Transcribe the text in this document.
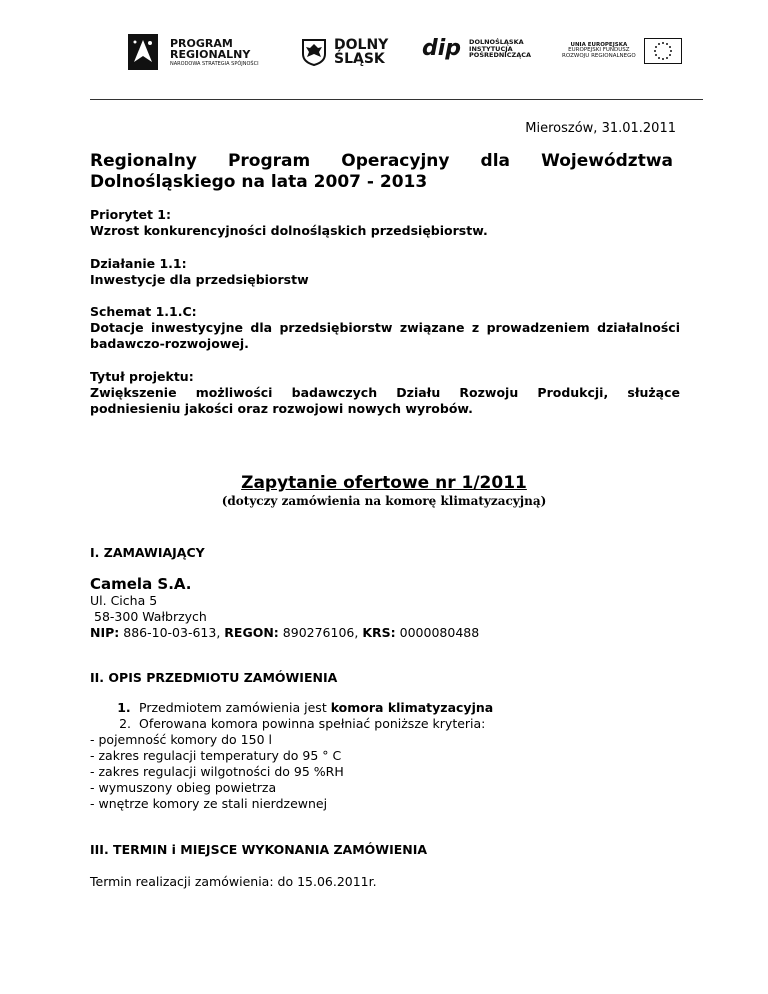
PROGRAM
REGIONALNY
NARODOWA STRATEGIA SPÓJNOŚCI
DOLNY
ŚLĄSK dip DOLNOŚLĄSKA
INSTYTUCJA
POŚREDNICZĄCA
UNIA EUROPEJSKA
EUROPEJSKI FUNDUSZ
ROZWOJU REGIONALNEGO
Mieroszów, 31.01.2011
Regionalny Program Operacyjny dla Województwa
Dolnośląskiego na lata 2007 - 2013
Priorytet 1:
Wzrost konkurencyjności dolnośląskich przedsiębiorstw.
Działanie 1.1:
Inwestycje dla przedsiębiorstw
Schemat 1.1.C:
Dotacje inwestycyjne dla przedsiębiorstw związane z prowadzeniem działalności badawczo-rozwojowej.
Tytuł projektu:
Zwiększenie możliwości badawczych Działu Rozwoju Produkcji, służące podniesieniu jakości oraz rozwojowi nowych wyrobów.
Zapytanie ofertowe nr 1/2011
(dotyczy zamówienia na komorę klimatyzacyjną)
I. ZAMAWIAJĄCY
Camela S.A.
Ul. Cicha 5
58-300 Wałbrzych
NIP: 886-10-03-613, REGON: 890276106, KRS: 0000080488
II. OPIS PRZEDMIOTU ZAMÓWIENIA
1. Przedmiotem zamówienia jest komora klimatyzacyjna
2. Oferowana komora powinna spełniać poniższe kryteria:
- pojemność komory do 150 l
- zakres regulacji temperatury do 95 ° C
- zakres regulacji wilgotności do 95 %RH
- wymuszony obieg powietrza
- wnętrze komory ze stali nierdzewnej
III. TERMIN i MIEJSCE WYKONANIA ZAMÓWIENIA
Termin realizacji zamówienia: do 15.06.2011r.
